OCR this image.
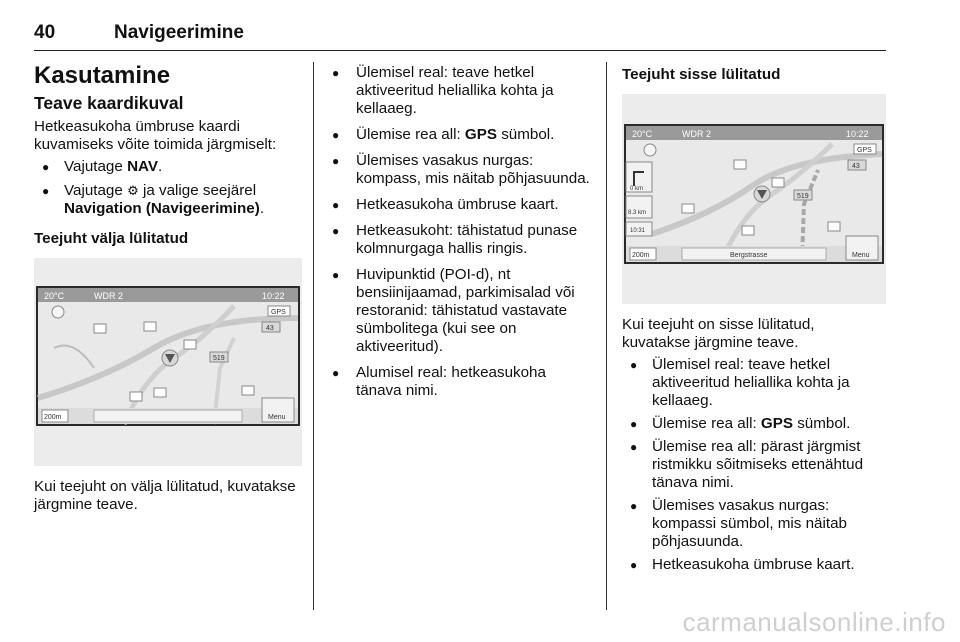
40	Navigeerimine
Kasutamine
Teave kaardikuval

Hetkeasukoha ümbruse kaardi kuvamiseks võite toimida järgmiselt:

● Vajutage NAV.
● Vajutage ⚙ ja valige seejärel Navigation (Navigeerimine).
Teejuht välja lülitatud
20°C	WDR 2	10:22
GPS
43
519
200m	Menu

Kui teejuht on välja lülitatud, kuvatakse järgmine teave.

● Ülemisel real: teave hetkel aktiveeritud heliallika kohta ja kellaaeg.
● Ülemise rea all: GPS sümbol.
● Ülemises vasakus nurgas: kompass, mis näitab põhjasuunda.
● Hetkeasukoha ümbruse kaart.
● Hetkeasukoht: tähistatud punase kolmnurgaga hallis ringis.
● Huvipunktid (POI-d), nt bensiinijaamad, parkimisalad või restoranid: tähistatud vastavate sümbolitega (kui see on aktiveeritud).
● Alumisel real: hetkeasukoha tänava nimi.
Teejuht sisse lülitatud
20°C	WDR 2	10:22
0 km
8.3 km
10:31
GPS
43
519
200m	Bergstrasse	Menu

Kui teejuht on sisse lülitatud, kuvatakse järgmine teave.

● Ülemisel real: teave hetkel aktiveeritud heliallika kohta ja kellaaeg.
● Ülemise rea all: GPS sümbol.
● Ülemise rea all: pärast järgmist ristmikku sõitmiseks ettenähtud tänava nimi.
● Ülemises vasakus nurgas: kompassi sümbol, mis näitab põhjasuunda.
● Hetkeasukoha ümbruse kaart.
carmanualsonline.info
